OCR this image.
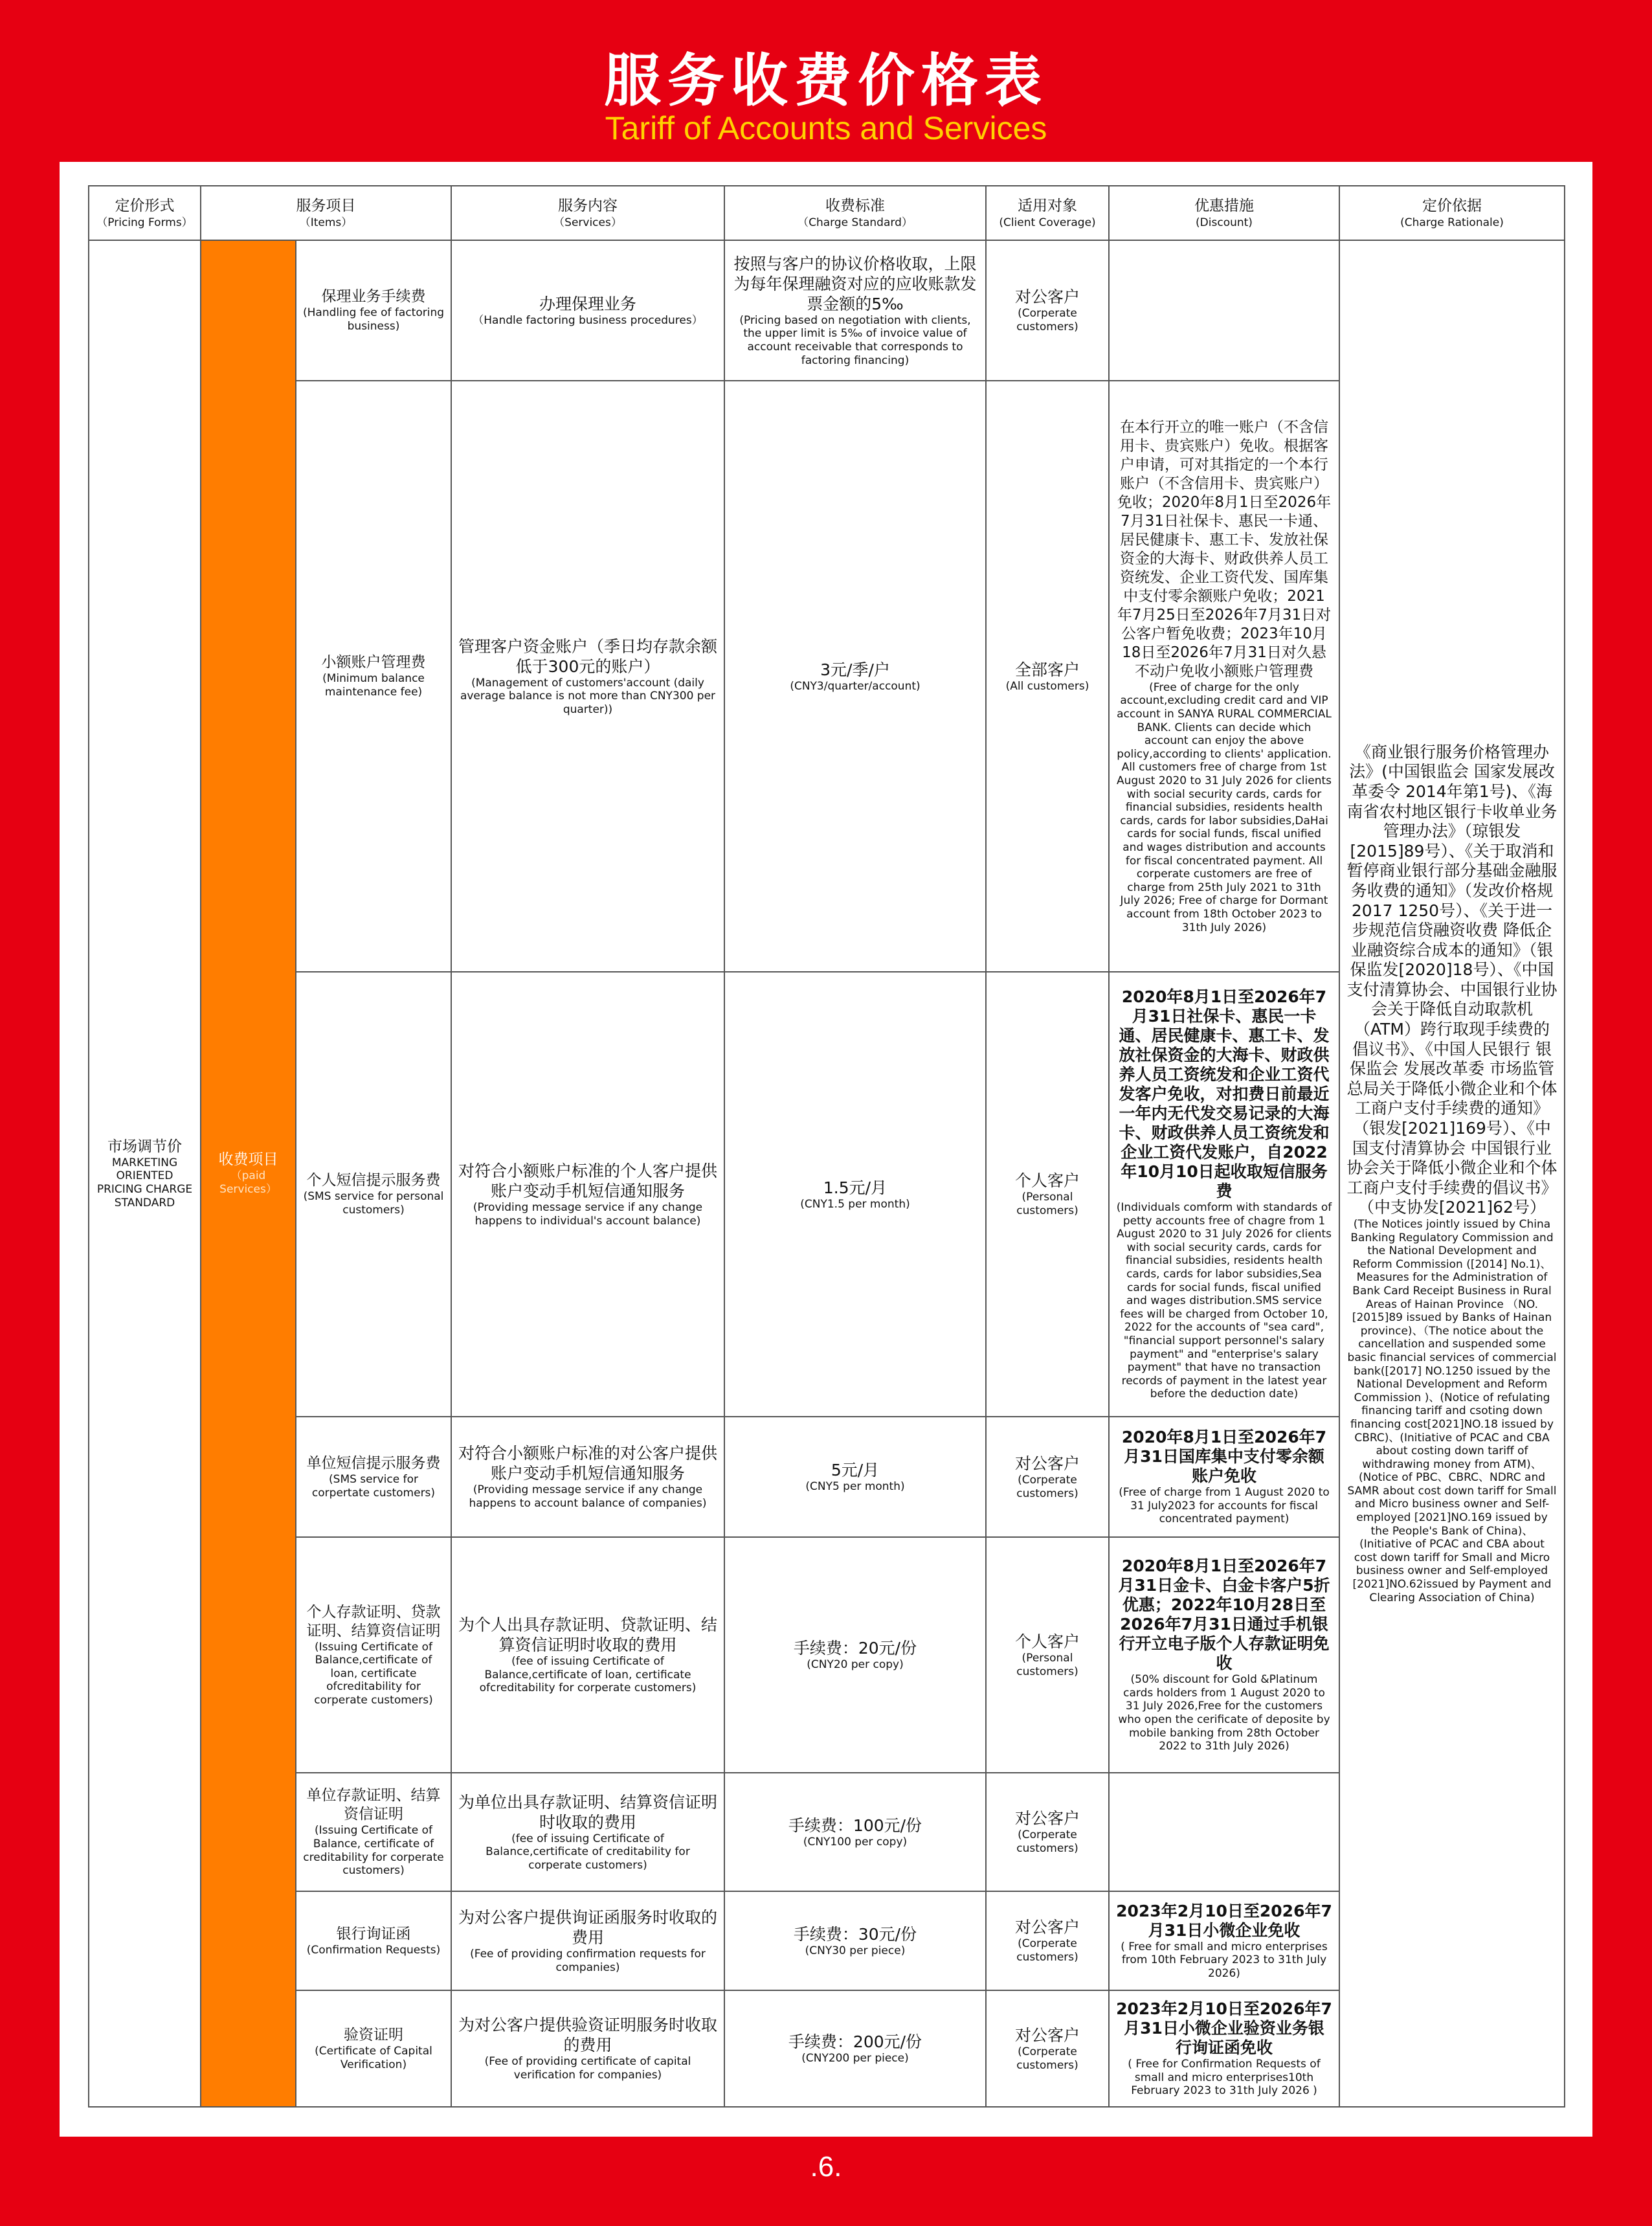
服务收费价格表
Tariff of Accounts and Services
定价形式
（Pricing Forms）	服务项目
（Items）		服务内容
（Services）	收费标准
（Charge Standard）	适用对象
(Client Coverage)	优惠措施
(Discount)	定价依据
(Charge Rationale)

市场调节价
MARKETING ORIENTED PRICING CHARGE STANDARD	收费项目
（paid Services）	保理业务手续费
(Handling fee of factoring business)	办理保理业务
（Handle factoring business procedures）	按照与客户的协议价格收取，上限为每年保理融资对应的应收账款发票金额的5‰
(Pricing based on negotiation with clients, the upper limit is 5‰ of invoice value of account receivable that corresponds to factoring financing)	对公客户
(Corperate customers)		《商业银行服务价格管理办法》(中国银监会 国家发展改革委令 2014年第1号)、《海南省农村地区银行卡收单业务管理办法》（琼银发[2015]89号）、《关于取消和暂停商业银行部分基础金融服务收费的通知》（发改价格规 2017 1250号）、《关于进一步规范信贷融资收费 降低企业融资综合成本的通知》（银保监发[2020]18号）、《中国支付清算协会、中国银行业协会关于降低自动取款机（ATM）跨行取现手续费的倡议书》、《中国人民银行 银保监会 发展改革委 市场监管总局关于降低小微企业和个体工商户支付手续费的通知》（银发[2021]169号）、《中国支付清算协会 中国银行业协会关于降低小微企业和个体工商户支付手续费的倡议书》（中支协发[2021]62号）
(The Notices jointly issued by China Banking Regulatory Commission and the National Development and Reform Commission ([2014] No.1)、Measures for the Administration of Bank Card Receipt Business in Rural Areas of Hainan Province （NO.[2015]89 issued by Banks of Hainan province)、（The notice about the cancellation and suspended some basic financial services of commercial bank([2017] NO.1250 issued by the National Development and Reform Commission )、(Notice of refulating financing tariff and csoting down financing cost[2021]NO.18 issued by CBRC)、(Initiative of PCAC and CBA about costing down tariff of withdrawing money from ATM)、(Notice of PBC、CBRC、NDRC and SAMR about cost down tariff for Small and Micro business owner and Self-employed [2021]NO.169 issued by the People's Bank of China)、(Initiative of PCAC and CBA about cost down tariff for Small and Micro business owner and Self-employed [2021]NO.62issued by Payment and Clearing Association of China)

		小额账户管理费
(Minimum balance maintenance fee)	管理客户资金账户（季日均存款余额低于300元的账户）
(Management of customers'account (daily average balance is not more than CNY300 per quarter))	3元/季/户
(CNY3/quarter/account)	全部客户
(All customers)	在本行开立的唯一账户（不含信用卡、贵宾账户）免收。根据客户申请，可对其指定的一个本行账户（不含信用卡、贵宾账户）免收；2020年8月1日至2026年7月31日社保卡、惠民一卡通、居民健康卡、惠工卡、发放社保资金的大海卡、财政供养人员工资统发、企业工资代发、国库集中支付零余额账户免收；2021年7月25日至2026年7月31日对公客户暂免收费；2023年10月18日至2026年7月31日对久悬不动户免收小额账户管理费
(Free of charge for the only account,excluding credit card and VIP account in SANYA RURAL COMMERCIAL BANK. Clients can decide which account can enjoy the above policy,according to clients' application. All customers free of charge from 1st August 2020 to 31 July 2026 for clients with social security cards, cards for financial subsidies, residents health cards, cards for labor subsidies,DaHai cards for social funds, fiscal unified and wages distribution and accounts for fiscal concentrated payment. All corperate customers are free of charge from 25th July 2021 to 31th July 2026; Free of charge for Dormant account from 18th October 2023 to 31th July 2026)	

		个人短信提示服务费
(SMS service for personal customers)	对符合小额账户标准的个人客户提供账户变动手机短信通知服务
(Providing message service if any change happens to individual's account balance)	1.5元/月
(CNY1.5 per month)	个人客户
(Personal customers)	2020年8月1日至2026年7月31日社保卡、惠民一卡通、居民健康卡、惠工卡、发放社保资金的大海卡、财政供养人员工资统发和企业工资代发客户免收，对扣费日前最近一年内无代发交易记录的大海卡、财政供养人员工资统发和企业工资代发账户，自2022年10月10日起收取短信服务费
(Individuals comform with standards of petty accounts free of chagre from 1 August 2020 to 31 July 2026 for clients with social security cards, cards for financial subsidies, residents health cards, cards for labor subsidies,Sea cards for social funds, fiscal unified and wages distribution.SMS service fees will be charged from October 10, 2022 for the accounts of "sea card", "financial support personnel's salary payment" and "enterprise's salary payment" that have no transaction records of payment in the latest year before the deduction date)	

		单位短信提示服务费
(SMS service for corpertate customers)	对符合小额账户标准的对公客户提供账户变动手机短信通知服务
(Providing message service if any change happens to account balance of companies)	5元/月
(CNY5 per month)	对公客户
(Corperate customers)	2020年8月1日至2026年7月31日国库集中支付零余额账户免收
(Free of charge from 1 August 2020 to 31 July2023 for accounts for fiscal concentrated payment)	

		个人存款证明、贷款证明、结算资信证明
(Issuing Certificate of Balance,certificate of loan, certificate ofcreditability for corperate customers)	为个人出具存款证明、贷款证明、结算资信证明时收取的费用
(fee of issuing Certificate of Balance,certificate of loan, certificate ofcreditability for corperate customers)	手续费：20元/份
(CNY20 per copy)	个人客户
(Personal customers)	2020年8月1日至2026年7月31日金卡、白金卡客户5折优惠；2022年10月28日至2026年7月31日通过手机银行开立电子版个人存款证明免收
(50% discount for Gold &Platinum cards holders from 1 August 2020 to 31 July 2026,Free for the customers who open the cerificate of deposite by mobile banking from 28th October 2022 to 31th July 2026)	

		单位存款证明、结算资信证明
(Issuing Certificate of Balance, certificate of creditability for corperate customers)	为单位出具存款证明、结算资信证明时收取的费用
(fee of issuing Certificate of Balance,certificate of creditability for corperate customers)	手续费：100元/份
(CNY100 per copy)	对公客户
(Corperate customers)		

		银行询证函
(Confirmation Requests)	为对公客户提供询证函服务时收取的费用
(Fee of providing confirmation requests for companies)	手续费：30元/份
(CNY30 per piece)	对公客户
(Corperate customers)	2023年2月10日至2026年7月31日小微企业免收
( Free for small and micro enterprises from 10th February 2023 to 31th July 2026)	

		验资证明
(Certificate of Capital Verification)	为对公客户提供验资证明服务时收取的费用
(Fee of providing certificate of capital verification for companies)	手续费：200元/份
(CNY200 per piece)	对公客户
(Corperate customers)	2023年2月10日至2026年7月31日小微企业验资业务银行询证函免收
( Free for Confirmation Requests of small and micro enterprises10th February 2023 to 31th July 2026 )	
.6.
